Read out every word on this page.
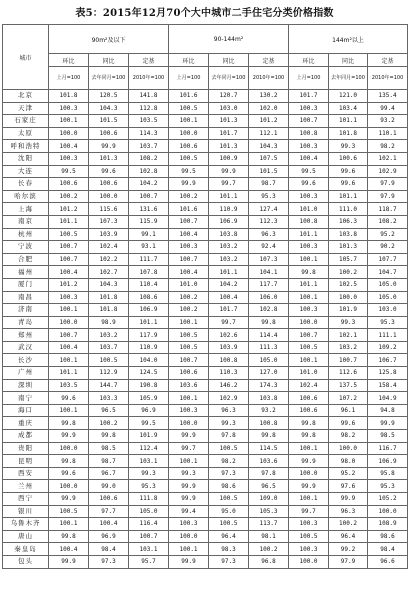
表5：2015年12月70个大中城市二手住宅分类价格指数
城市	90m²及以下			90-144m²			144m²以上		
	环比	同比	定基	环比	同比	定基	环比	同比	定基
	上月=100	去年同月=100	2010年=100	上月=100	去年同月=100	2010年=100	上月=100	去年同月=100	2010年=100
北京	101.8	120.5	141.8	101.6	120.7	130.2	101.7	121.0	135.4
天津	100.3	104.3	112.8	100.5	103.0	102.0	100.3	103.4	99.4
石家庄	100.1	101.5	103.5	100.1	101.3	101.2	100.7	101.1	93.2
太原	100.0	100.6	114.3	100.0	101.7	112.1	100.8	101.8	110.1
呼和浩特	100.4	99.9	103.7	100.6	101.3	104.3	100.3	99.3	98.2
沈阳	100.3	101.3	108.2	100.5	100.9	107.5	100.4	100.6	102.1
大连	99.5	99.6	102.8	99.5	99.9	101.5	99.5	99.6	102.9
长春	100.6	100.6	104.2	99.9	99.7	98.7	99.6	99.6	97.9
哈尔滨	100.2	100.0	100.7	100.2	101.1	95.3	100.3	101.1	97.9
上海	101.2	115.6	131.6	101.6	110.9	127.4	101.0	111.0	118.7
南京	101.1	107.3	115.9	100.7	106.9	112.3	100.8	106.3	108.2
杭州	100.5	103.9	99.1	100.4	103.8	96.3	101.1	103.8	95.2
宁波	100.7	102.4	93.1	100.3	103.2	92.4	100.3	101.3	90.2
合肥	100.7	102.2	111.7	100.7	103.2	107.3	100.1	105.7	107.7
福州	100.4	102.7	107.8	100.4	101.1	104.1	99.8	100.2	104.7
厦门	101.2	104.3	110.4	101.0	104.2	117.7	101.1	102.5	105.0
南昌	100.3	101.8	108.6	100.2	100.4	106.0	100.1	100.0	105.0
济南	100.1	101.8	106.9	100.2	101.7	102.8	100.3	101.9	103.0
青岛	100.0	98.9	101.1	100.1	99.7	99.8	100.0	99.3	95.3
郑州	100.7	103.2	117.9	100.5	102.6	114.4	100.7	102.1	111.1
武汉	100.4	103.7	110.9	100.5	103.9	111.3	100.5	103.2	109.2
长沙	100.1	100.5	104.0	100.7	100.8	105.0	100.1	100.7	106.7
广州	101.1	112.9	124.5	100.6	110.3	127.0	101.0	112.6	125.8
深圳	103.5	144.7	190.8	103.6	146.2	174.3	102.4	137.5	158.4
南宁	99.6	103.3	105.9	100.1	102.9	103.8	100.6	107.2	104.9
海口	100.1	96.5	96.9	100.3	96.3	93.2	100.6	96.1	94.8
重庆	99.8	100.2	99.5	100.0	99.3	100.8	99.8	99.6	99.9
成都	99.9	99.8	101.9	99.9	97.8	99.8	99.8	98.2	98.5
贵阳	100.0	98.5	112.4	99.7	100.5	114.5	100.1	100.0	116.7
昆明	99.8	98.7	103.1	100.1	98.2	103.6	99.9	98.0	106.9
西安	99.6	96.7	99.3	99.3	97.3	97.8	100.0	95.2	95.8
兰州	100.0	99.0	95.3	99.9	98.6	96.5	99.9	97.6	95.3
西宁	99.9	100.6	111.8	99.9	100.5	109.0	100.1	99.9	105.2
银川	100.5	97.7	105.0	99.4	95.0	105.3	99.7	96.3	100.0
乌鲁木齐	100.1	100.4	116.4	100.3	100.5	113.7	100.3	100.2	108.9
唐山	99.8	96.9	100.7	100.0	96.4	98.1	100.5	96.4	98.6
秦皇岛	100.4	98.4	103.1	100.1	98.3	100.2	100.3	99.2	98.4
包头	99.9	97.3	95.7	99.9	97.3	96.8	100.0	97.9	96.6
